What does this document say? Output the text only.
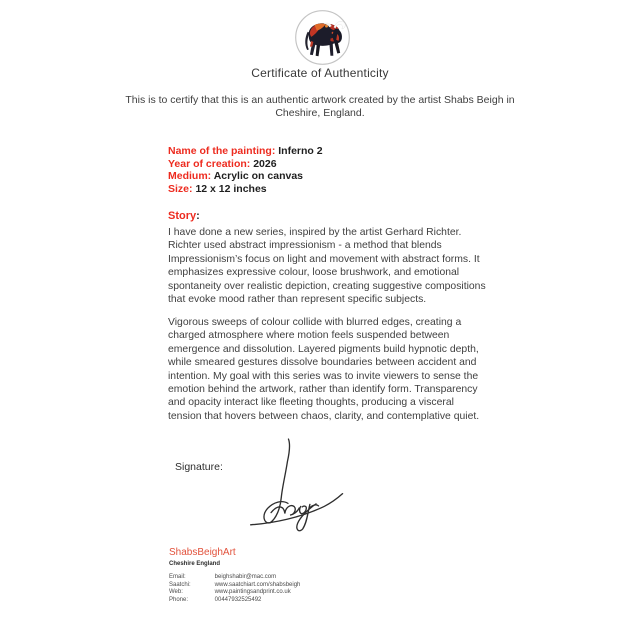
Certificate of Authenticity
This is to certify that this is an authentic artwork created by the artist Shabs Beigh in Cheshire, England.
Name of the painting: Inferno 2
Year of creation: 2026
Medium: Acrylic on canvas
Size: 12 x 12 inches
Story:

I have done a new series, inspired by the artist Gerhard Richter. Richter used abstract impressionism - a method that blends Impressionism’s focus on light and movement with abstract forms. It emphasizes expressive colour, loose brushwork, and emotional spontaneity over realistic depiction, creating suggestive compositions that evoke mood rather than represent specific subjects.

Vigorous sweeps of colour collide with blurred edges, creating a charged atmosphere where motion feels suspended between emergence and dissolution. Layered pigments build hypnotic depth, while smeared gestures dissolve boundaries between accident and intention. My goal with this series was to invite viewers to sense the emotion behind the artwork, rather than identify form. Transparency and opacity interact like fleeting thoughts, producing a visceral tension that hovers between chaos, clarity, and contemplative quiet.

Signature:
ShabsBeighArt
Cheshire England
Email:	beighshabir@mac.com
Saatchi:	www.saatchiart.com/shabsbeigh
Web:	www.paintingsandprint.co.uk
Phone:	00447932525492
